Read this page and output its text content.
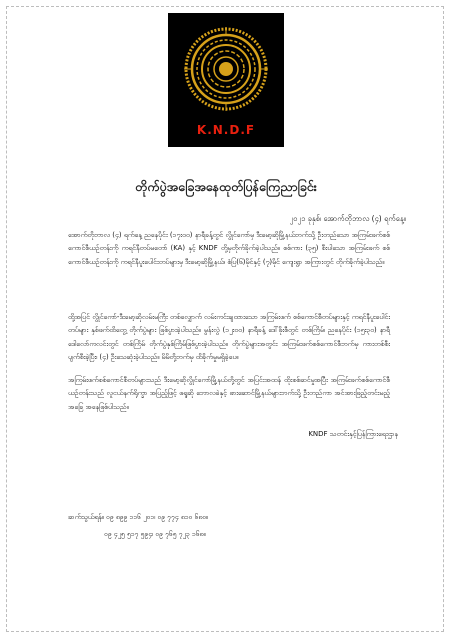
K.N.D.F
တိုက်ပွဲအခြေအနေထုတ်ပြန်ကြေညာခြင်း
၂၀၂၁ ခုနှစ်၊ အောက်တိုဘာလ (၄) ရက်နေ့။
အောက်တိုဘာလ (၄) ရက်နေ့ ညနေပိုင်း (၁၇း၀၀) နာရီခန့်တွင် လွိုင်ကော်မှ ဒီးမော့ဆိုမြို့နယ်ဘက်သို့ ဦးတည်သော အကြမ်းဖက်စစ်ကောင်စီယဉ်တန်းကို ကရင်နီတပ်မတော် (KA) နှင့် KNDF တို့မှတိုက်ခိုက်ခဲ့ပါသည်။ စစ်ကား (၃၅) စီးပါသော အကြမ်းဖက် စစ်ကောင်စီယဉ်တန်းကို ကရင်နီပူးပေါင်းတပ်များမှ ဒီးမော့ဆိုမြို့နယ်၊ စံပြ(၆)မိုင်နှင့် (၇)မိုင် ကျေးရွာ အကြားတွင် တိုက်ခိုက်ခဲ့ပါသည်။
ထို့အပြင် လွိုင်ကော်-ဒီးမော့ဆိုလမ်းမကြီး တစ်လျှောက် လမ်းကင်းချထားသော အကြမ်းဖက် စစ်ကောင်စီတပ်များနှင့် ကရင်နီပူးပေါင်းတပ်များ နှစ်ဖက်ထိတွေ့ တိုက်ပွဲများ ဖြစ်ပွားခဲ့ပါသည်။ မွန်းလွဲ (၁၂း၀၀) နာရီခန့် ဒေါ်ဖိုးစီတွင် တစ်ကြိမ်၊ ညနေပိုင်း (၁၅း၃၀) နာရီ ဒေါလော်ကလင်းတွင် တစ်ကြိမ် တိုက်ပွဲနှစ်ကြိမ်ဖြစ်ပွားခဲ့ပါသည်။ တိုက်ပွဲများအတွင်း အကြမ်းဖက်စစ်ကောင်စီဘက်မှ ကားတစ်စီးပျက်စီးခဲ့ပြီး၊ (၄) ဦးသေဆုံးခဲ့ပါသည်။ မိမိတို့ဘက်မှ ထိခိုက်မှုမရှိခဲ့ပေ။
အကြမ်းဖက်စစ်ကောင်စီတပ်များသည် ဒီးမော့ဆိုလွိုင်ကော်မြို့နယ်တို့တွင် အပြင်းအထန် ထိုးစစ်ဆင်မှုအပြီး အကြမ်းဖက်စစ်ကောင်စီယဉ်တန်းသည် လူငယ်နက်ရိုက္ခာ အပြည့်ဖြင့် ဖရူဆို ဘောလခဲနှင့် ဖားဆောင်မြို့နယ်များဘက်သို့ ဦးတည်ကာ အင်အားဖြည့်တင်းမည့် အခြေ အနေဖြစ်ပါသည်။
KNDF သတင်းနှင့်ပြန်ကြားရေးဌာန
ဆက်သွယ်ရန်။ ၀၉ ၈၉၉ ၁၁၆ ၂၀၁၊ ၀၉ ၇၇၄ ၈၁၀ ၆၈၀။
၀၉ ၄၂၅ ၅၁၇ ၅၉၄၊ ၀၉ ၇၆၅ ၇၂၃ ၁၆၈။
